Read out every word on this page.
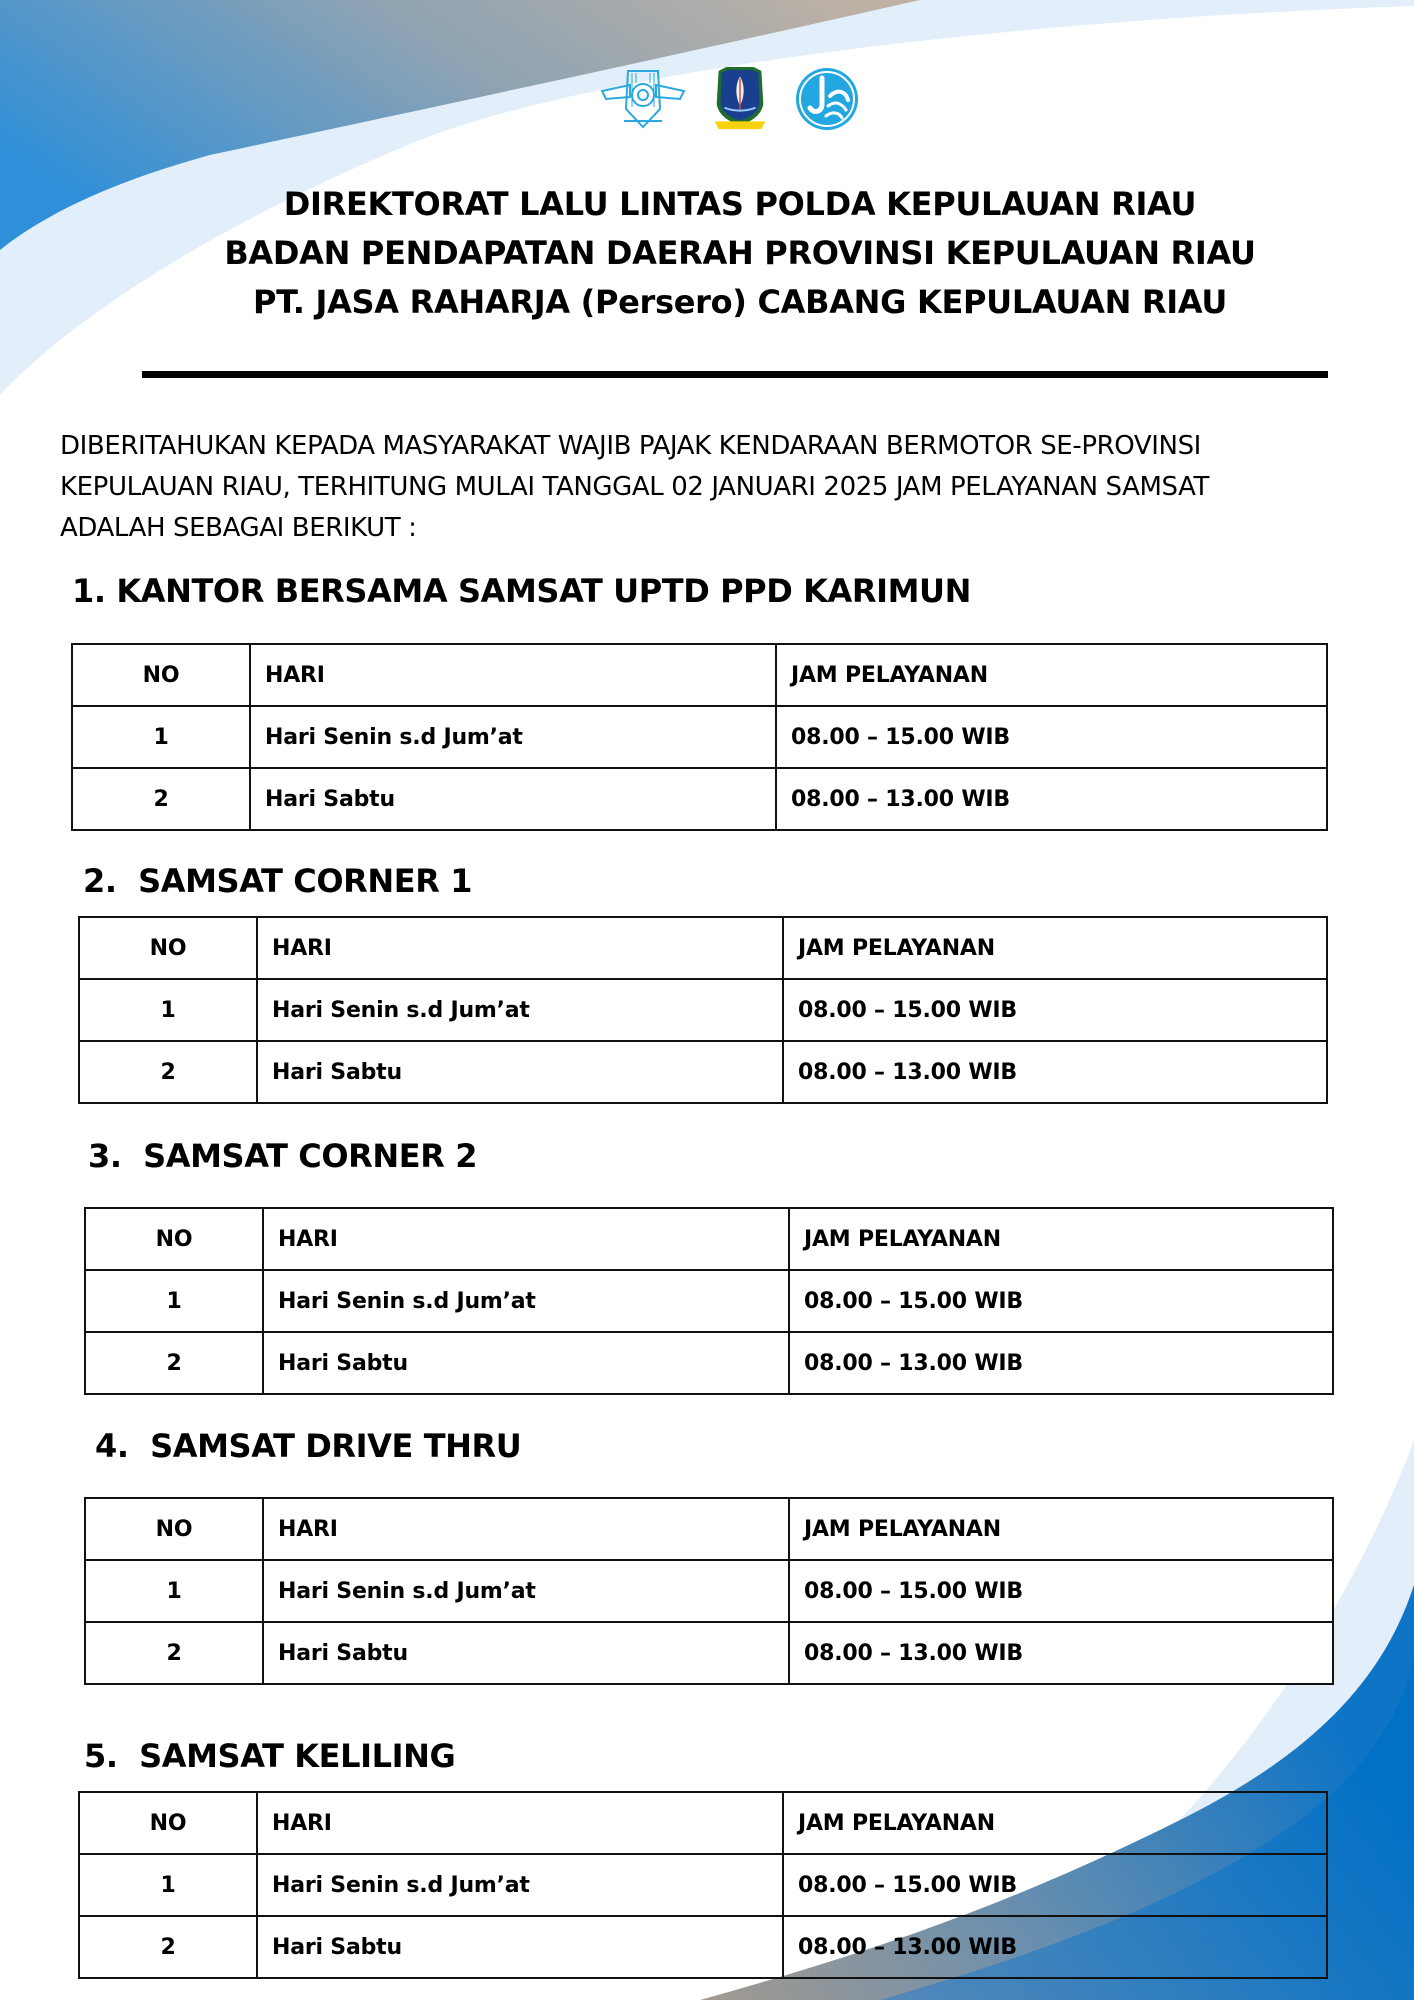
DIREKTORAT LALU LINTAS POLDA KEPULAUAN RIAU
BADAN PENDAPATAN DAERAH PROVINSI KEPULAUAN RIAU
PT. JASA RAHARJA (Persero) CABANG KEPULAUAN RIAU
DIBERITAHUKAN KEPADA MASYARAKAT WAJIB PAJAK KENDARAAN BERMOTOR SE-PROVINSI
KEPULAUAN RIAU, TERHITUNG MULAI TANGGAL 02 JANUARI 2025 JAM PELAYANAN SAMSAT
ADALAH SEBAGAI BERIKUT :
1. KANTOR BERSAMA SAMSAT UPTD PPD KARIMUN
NO	HARI	JAM PELAYANAN
1	Hari Senin s.d Jum’at	08.00 – 15.00 WIB
2	Hari Sabtu	08.00 – 13.00 WIB
2.  SAMSAT CORNER 1
NO	HARI	JAM PELAYANAN
1	Hari Senin s.d Jum’at	08.00 – 15.00 WIB
2	Hari Sabtu	08.00 – 13.00 WIB
3.  SAMSAT CORNER 2
NO	HARI	JAM PELAYANAN
1	Hari Senin s.d Jum’at	08.00 – 15.00 WIB
2	Hari Sabtu	08.00 – 13.00 WIB
4.  SAMSAT DRIVE THRU
NO	HARI	JAM PELAYANAN
1	Hari Senin s.d Jum’at	08.00 – 15.00 WIB
2	Hari Sabtu	08.00 – 13.00 WIB
5.  SAMSAT KELILING
NO	HARI	JAM PELAYANAN
1	Hari Senin s.d Jum’at	08.00 – 15.00 WIB
2	Hari Sabtu	08.00 – 13.00 WIB
